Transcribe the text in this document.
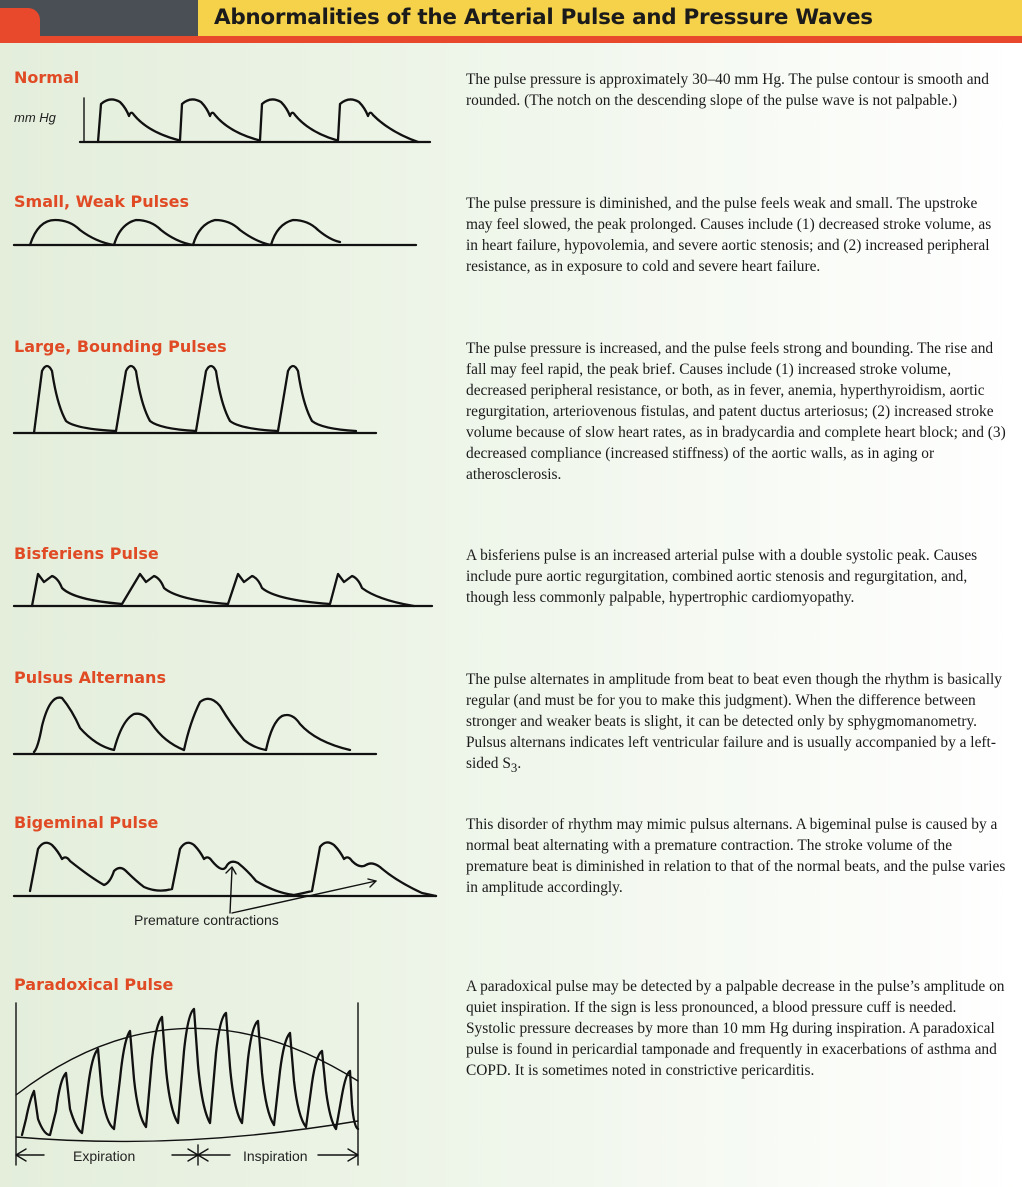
Abnormalities of the Arterial Pulse and Pressure Waves
Normal
mm Hg

The pulse pressure is approximately 30–40 mm Hg. The pulse contour is smooth and rounded. (The notch on the descending slope of the pulse wave is not palpable.)

Small, Weak Pulses	The pulse pressure is diminished, and the pulse feels weak and small. The upstroke may feel slowed, the peak prolonged. Causes include (1) decreased stroke volume, as in heart failure, hypovolemia, and severe aortic stenosis; and (2) increased peripheral resistance, as in exposure to cold and severe heart failure.

Large, Bounding Pulses	The pulse pressure is increased, and the pulse feels strong and bounding. The rise and fall may feel rapid, the peak brief. Causes include (1) increased stroke volume, decreased peripheral resistance, or both, as in fever, anemia, hyperthyroidism, aortic regurgitation, arteriovenous fistulas, and patent ductus arteriosus; (2) increased stroke volume because of slow heart rates, as in bradycardia and complete heart block; and (3) decreased compliance (increased stiffness) of the aortic walls, as in aging or atherosclerosis.

Bisferiens Pulse	A bisferiens pulse is an increased arterial pulse with a double systolic peak. Causes include pure aortic regurgitation, combined aortic stenosis and regurgitation, and, though less commonly palpable, hypertrophic cardiomyopathy.

Pulsus Alternans	The pulse alternates in amplitude from beat to beat even though the rhythm is basically regular (and must be for you to make this judgment). When the difference between stronger and weaker beats is slight, it can be detected only by sphygmomanometry. Pulsus alternans indicates left ventricular failure and is usually accompanied by a left-sided $S_3$.

Bigeminal Pulse
Premature contractions

This disorder of rhythm may mimic pulsus alternans. A bigeminal pulse is caused by a normal beat alternating with a premature contraction. The stroke volume of the premature beat is diminished in relation to that of the normal beats, and the pulse varies in amplitude accordingly.

Paradoxical Pulse
Expiration	Inspiration

A paradoxical pulse may be detected by a palpable decrease in the pulse’s amplitude on quiet inspiration. If the sign is less pronounced, a blood pressure cuff is needed. Systolic pressure decreases by more than 10 mm Hg during inspiration. A paradoxical pulse is found in pericardial tamponade and frequently in exacerbations of asthma and COPD. It is sometimes noted in constrictive pericarditis.
